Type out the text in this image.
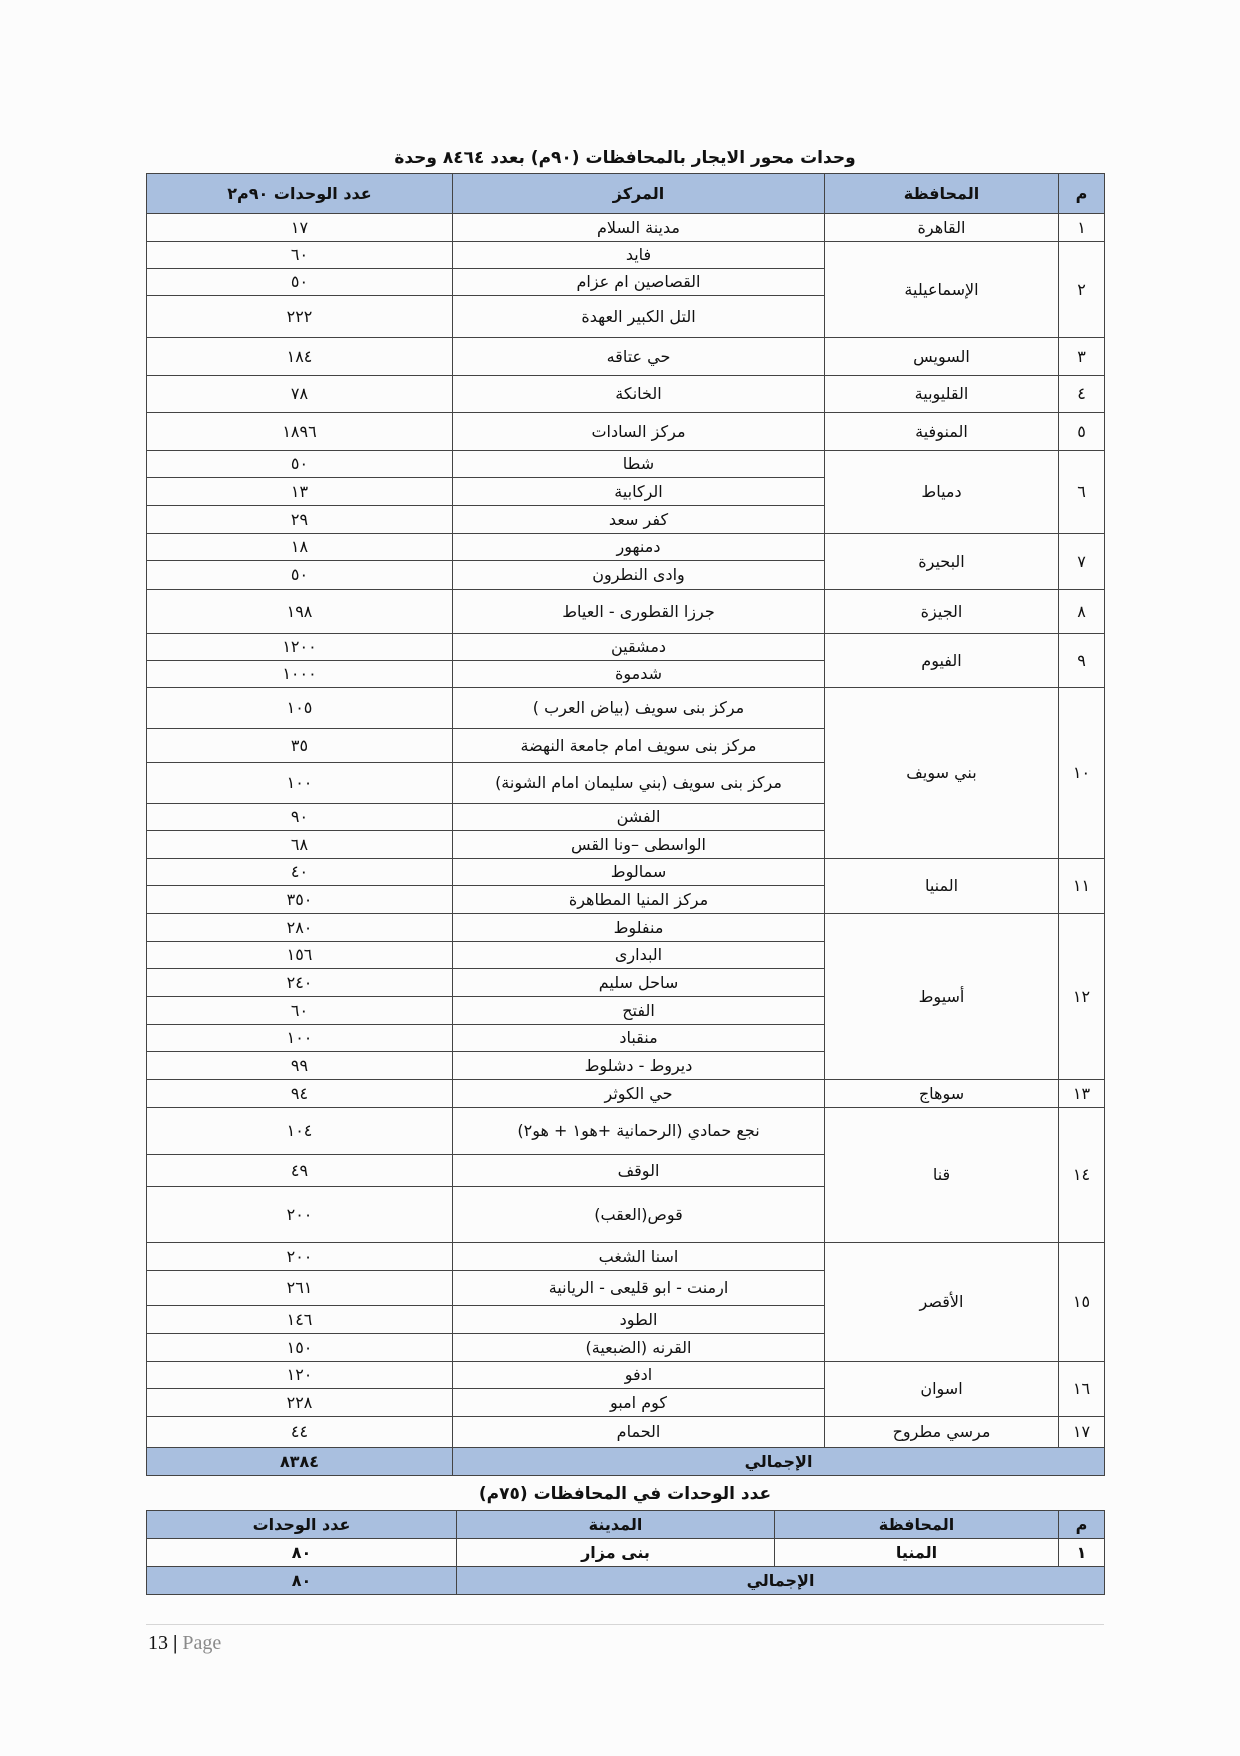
وحدات محور الايجار بالمحافظات (٩٠م) بعدد ٨٤٦٤ وحدة
م	المحافظة	المركز	عدد الوحدات ٩٠م٢
١	القاهرة	مدينة السلام	١٧
٢	الإسماعيلية	فايد	٦٠
		القصاصين ام عزام	٥٠
		التل الكبير العهدة	٢٢٢
٣	السويس	حي عتاقه	١٨٤
٤	القليوبية	الخانكة	٧٨
٥	المنوفية	مركز السادات	١٨٩٦
٦	دمياط	شطا	٥٠
		الركابية	١٣
		كفر سعد	٢٩
٧	البحيرة	دمنهور	١٨
		وادى النطرون	٥٠
٨	الجيزة	جرزا القطورى - العياط	١٩٨
٩	الفيوم	دمشقين	١٢٠٠
		شدموة	١٠٠٠
١٠	بني سويف	مركز بنى سويف (بياض العرب )	١٠٥
		مركز بنى سويف امام جامعة النهضة	٣٥
		مركز بنى سويف (بني سليمان امام الشونة)	١٠٠
		الفشن	٩٠
		الواسطى –ونا القس	٦٨
١١	المنيا	سمالوط	٤٠
		مركز المنيا المطاهرة	٣٥٠
١٢	أسيوط	منفلوط	٢٨٠
		البدارى	١٥٦
		ساحل سليم	٢٤٠
		الفتح	٦٠
		منقباد	١٠٠
		ديروط - دشلوط	٩٩
١٣	سوهاج	حي الكوثر	٩٤
١٤	قنا	نجع حمادي (الرحمانية +هو١ + هو٢)	١٠٤
		الوقف	٤٩
		قوص(العقب)	٢٠٠
١٥	الأقصر	اسنا الشغب	٢٠٠
		ارمنت - ابو قليعى - الريانية	٢٦١
		الطود	١٤٦
		القرنه (الضبعية)	١٥٠
١٦	اسوان	ادفو	١٢٠
		كوم امبو	٢٢٨
١٧	مرسي مطروح	الحمام	٤٤
الإجمالي			٨٣٨٤
عدد الوحدات في المحافظات (٧٥م)
م	المحافظة	المدينة	عدد الوحدات
١	المنيا	بنى مزار	٨٠
الإجمالي			٨٠
13 | Page
